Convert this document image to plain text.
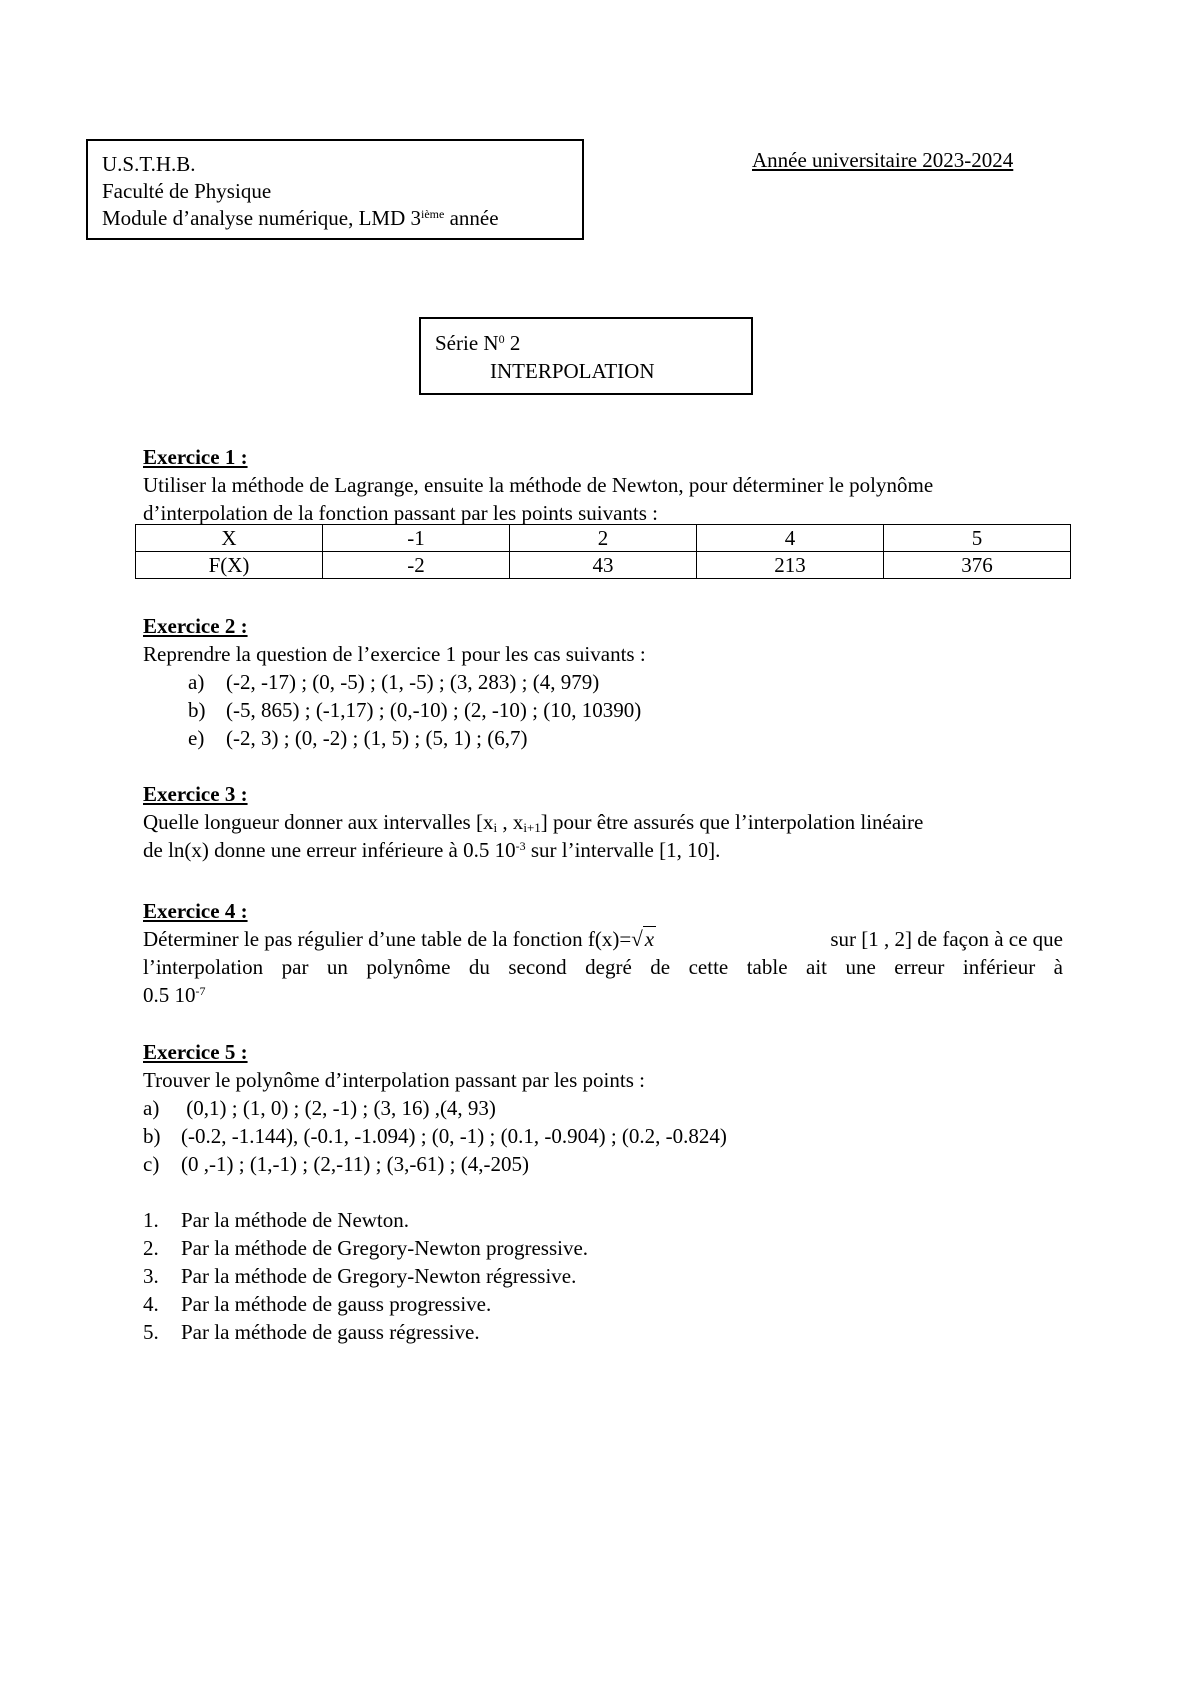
U.S.T.H.B.
Faculté de Physique
Module d’analyse numérique, LMD 3ième année
Année universitaire 2023-2024
Série $N^0$ 2
INTERPOLATION
Exercice 1 :
Utiliser la méthode de Lagrange, ensuite la méthode de Newton, pour déterminer le polynôme
d’interpolation de la fonction passant par les points suivants :
X	-1	2	4	5
F(X)	-2	43	213	376
Exercice 2 :
Reprendre la question de l’exercice 1 pour les cas suivants :
a) (-2, -17) ; (0, -5) ; (1, -5) ; (3, 283) ; (4, 979)
b) (-5, 865) ; (-1,17) ; (0,-10) ; (2, -10) ; (10, 10390)
e) (-2, 3) ; (0, -2) ; (1, 5) ; (5, 1) ; (6,7)
Exercice 3 :
Quelle longueur donner aux intervalles [$x_i$ , $x_{i+1}$] pour être assurés que l’interpolation linéaire
de ln(x) donne une erreur inférieure à 0.5 $10^{-3}$ sur l’intervalle [1, 10].
Exercice 4 :
Déterminer le pas régulier d’une table de la fonction f(x)=√x	sur [1 , 2] de façon à ce que
l’interpolation par un polynôme du second degré de cette table ait une erreur inférieur à
0.5 $10^{-7}$
Exercice 5 :
Trouver le polynôme d’interpolation passant par les points :
a) (0,1) ; (1, 0) ; (2, -1) ; (3, 16) ,(4, 93)
b) (-0.2, -1.144), (-0.1, -1.094) ; (0, -1) ; (0.1, -0.904) ; (0.2, -0.824)
c) (0 ,-1) ; (1,-1) ; (2,-11) ; (3,-61) ; (4,-205)
1. Par la méthode de Newton.
2. Par la méthode de Gregory-Newton progressive.
3. Par la méthode de Gregory-Newton régressive.
4. Par la méthode de gauss progressive.
5. Par la méthode de gauss régressive.
